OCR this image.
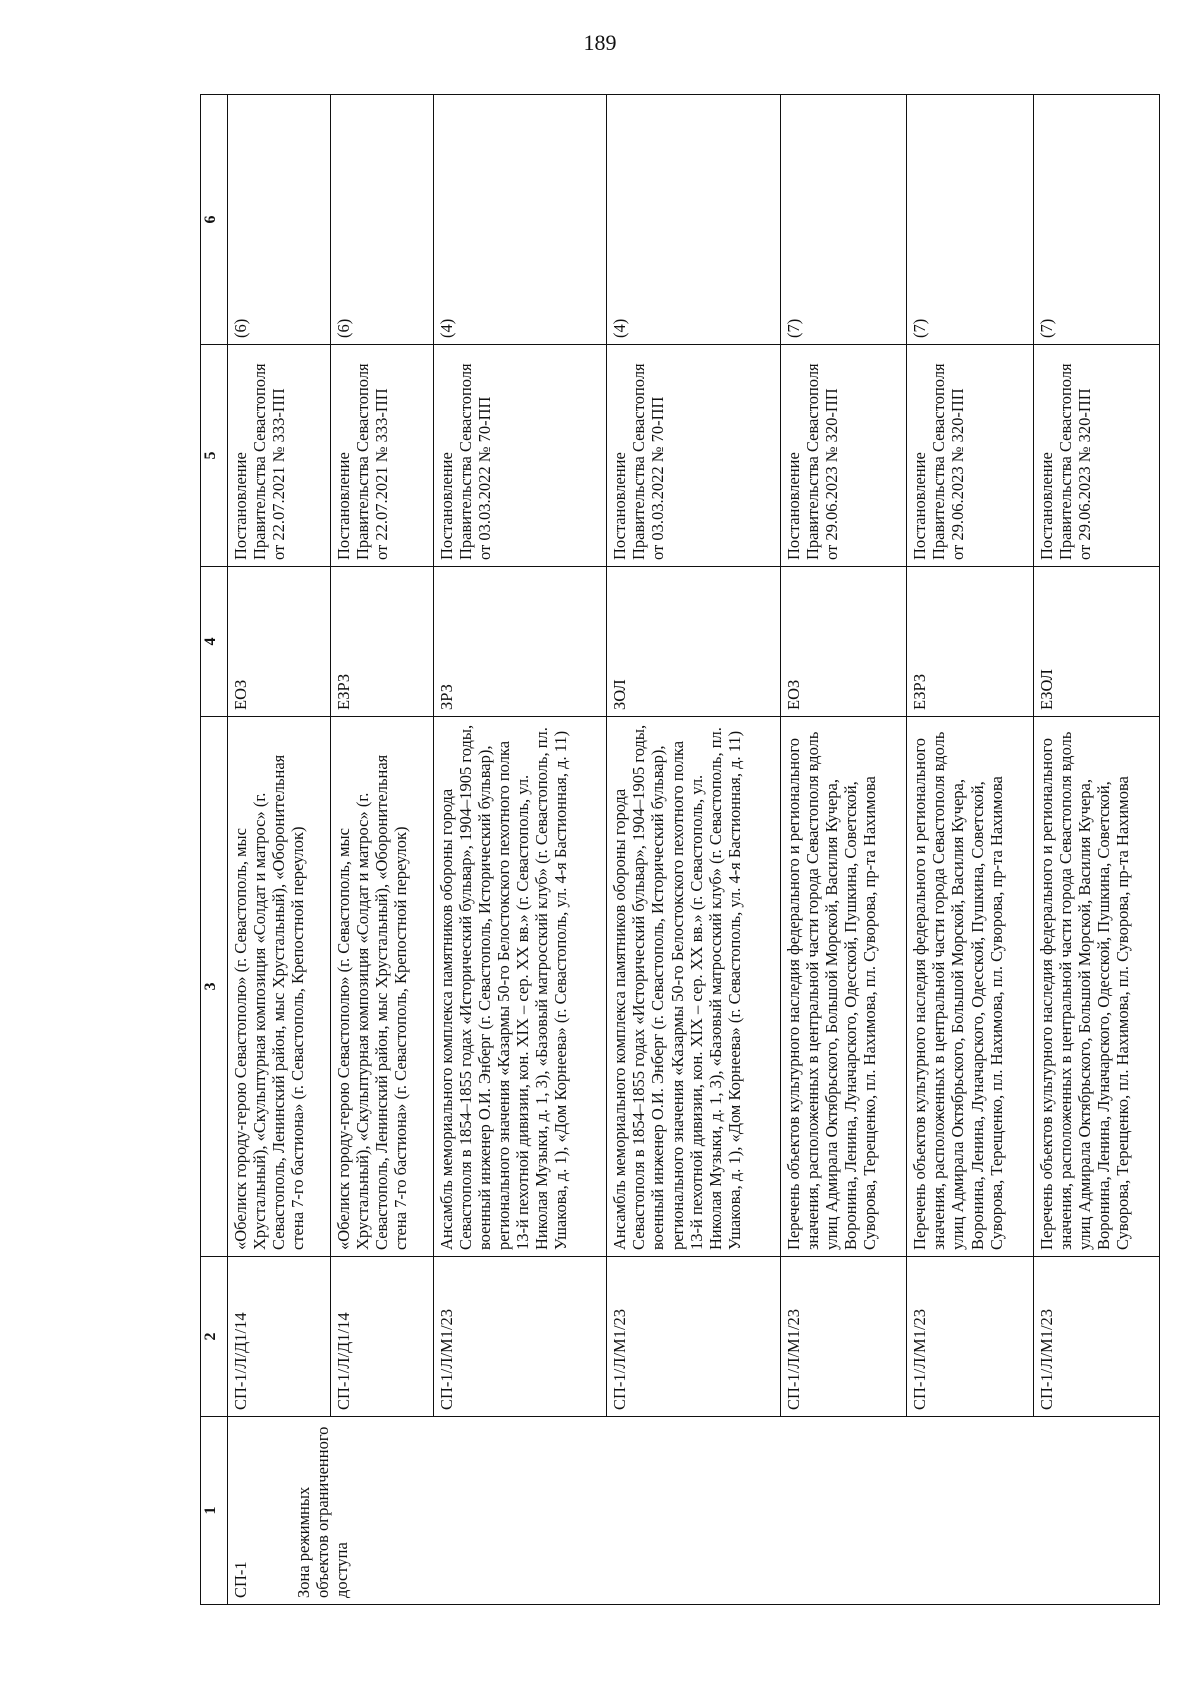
189
1	2	3	4	5	6

СП-1 Зона режимных объектов ограниченного доступа	СП-1/Л/Д1/14	«Обелиск городу-герою Севастополю» (г. Севастополь, мыс Хрустальный), «Скульптурная композиция «Солдат и матрос» (г. Севастополь, Ленинский район, мыс Хрустальный), «Оборонительная стена 7-го бастиона» (г. Севастополь, Крепостной переулок)	ЕОЗ	Постановление Правительства Севастополя от 22.07.2021 № 333-ПП	(6)
	СП-1/Л/Д1/14	«Обелиск городу-герою Севастополю» (г. Севастополь, мыс Хрустальный), «Скульптурная композиция «Солдат и матрос» (г. Севастополь, Ленинский район, мыс Хрустальный), «Оборонительная стена 7-го бастиона» (г. Севастополь, Крепостной переулок)	ЕЗРЗ	Постановление Правительства Севастополя от 22.07.2021 № 333-ПП	(6)
	СП-1/Л/М1/23	Ансамбль мемориального комплекса памятников обороны города Севастополя в 1854–1855 годах «Исторический бульвар», 1904–1905 годы, военный инженер О.И. Энберг (г. Севастополь, Исторический бульвар), регионального значения «Казармы 50-го Белостокского пехотного полка 13-й пехотной дивизии, кон. XIX – сер. XX вв.» (г. Севастополь, ул. Николая Музыки, д. 1, 3), «Базовый матросский клуб» (г. Севастополь, пл. Ушакова, д. 1), «Дом Корнеева» (г. Севастополь, ул. 4-я Бастионная, д. 11)	ЗРЗ	Постановление Правительства Севастополя от 03.03.2022 № 70-ПП	(4)
	СП-1/Л/М1/23	Ансамбль мемориального комплекса памятников обороны города Севастополя в 1854–1855 годах «Исторический бульвар», 1904–1905 годы, военный инженер О.И. Энберг (г. Севастополь, Исторический бульвар), регионального значения «Казармы 50-го Белостокского пехотного полка 13-й пехотной дивизии, кон. XIX – сер. XX вв.» (г. Севастополь, ул. Николая Музыки, д. 1, 3), «Базовый матросский клуб» (г. Севастополь, пл. Ушакова, д. 1), «Дом Корнеева» (г. Севастополь, ул. 4-я Бастионная, д. 11)	ЗОЛ	Постановление Правительства Севастополя от 03.03.2022 № 70-ПП	(4)
	СП-1/Л/М1/23	Перечень объектов культурного наследия федерального и регионального значения, расположенных в центральной части города Севастополя вдоль улиц Адмирала Октябрьского, Большой Морской, Василия Кучера, Воронина, Ленина, Луначарского, Одесской, Пушкина, Советской, Суворова, Терещенко, пл. Нахимова, пл. Суворова, пр-та Нахимова	ЕОЗ	Постановление Правительства Севастополя от 29.06.2023 № 320-ПП	(7)
	СП-1/Л/М1/23	Перечень объектов культурного наследия федерального и регионального значения, расположенных в центральной части города Севастополя вдоль улиц Адмирала Октябрьского, Большой Морской, Василия Кучера, Воронина, Ленина, Луначарского, Одесской, Пушкина, Советской, Суворова, Терещенко, пл. Нахимова, пл. Суворова, пр-та Нахимова	ЕЗРЗ	Постановление Правительства Севастополя от 29.06.2023 № 320-ПП	(7)
	СП-1/Л/М1/23	Перечень объектов культурного наследия федерального и регионального значения, расположенных в центральной части города Севастополя вдоль улиц Адмирала Октябрьского, Большой Морской, Василия Кучера, Воронина, Ленина, Луначарского, Одесской, Пушкина, Советской, Суворова, Терещенко, пл. Нахимова, пл. Суворова, пр-та Нахимова	ЕЗОЛ	Постановление Правительства Севастополя от 29.06.2023 № 320-ПП	(7)
